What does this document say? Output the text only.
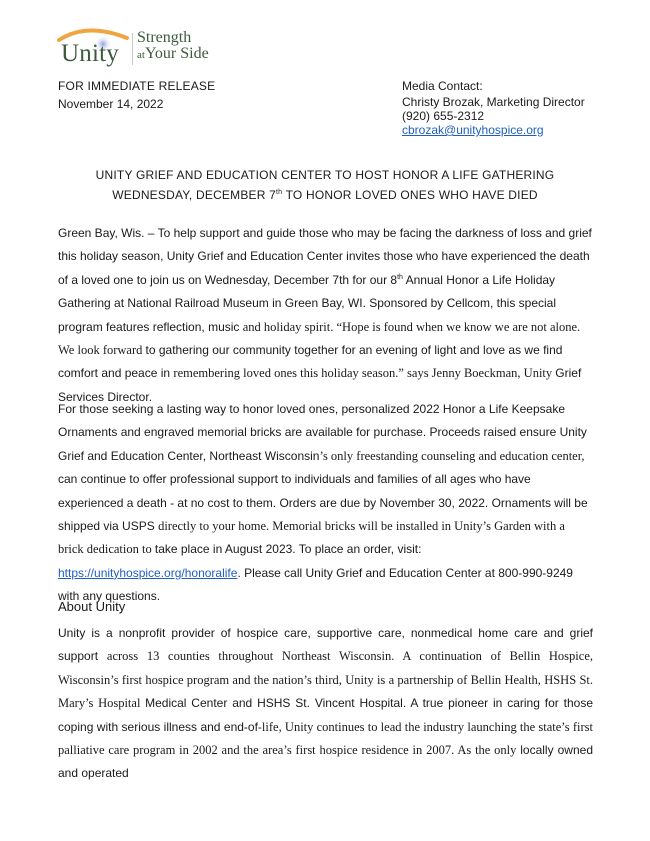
Unity
Strength
atYour Side
FOR IMMEDIATE RELEASE
November 14, 2022
Media Contact:
Christy Brozak, Marketing Director
(920) 655-2312
cbrozak@unityhospice.org
UNITY GRIEF AND EDUCATION CENTER TO HOST HONOR A LIFE GATHERING
WEDNESDAY, DECEMBER 7th TO HONOR LOVED ONES WHO HAVE DIED
Green Bay, Wis. – To help support and guide those who may be facing the darkness of loss and grief this holiday season, Unity Grief and Education Center invites those who have experienced the death of a loved one to join us on Wednesday, December 7th for our 8th Annual Honor a Life Holiday Gathering at National Railroad Museum in Green Bay, WI. Sponsored by Cellcom, this special program features reflection, music and holiday spirit. “Hope is found when we know we are not alone. We look forward to gathering our community together for an evening of light and love as we find comfort and peace in remembering loved ones this holiday season.” says Jenny Boeckman, Unity Grief Services Director.
For those seeking a lasting way to honor loved ones, personalized 2022 Honor a Life Keepsake Ornaments and engraved memorial bricks are available for purchase. Proceeds raised ensure Unity Grief and Education Center, Northeast Wisconsin’s only freestanding counseling and education center, can continue to offer professional support to individuals and families of all ages who have experienced a death - at no cost to them. Orders are due by November 30, 2022. Ornaments will be shipped via USPS directly to your home. Memorial bricks will be installed in Unity’s Garden with a brick dedication to take place in August 2023. To place an order, visit: https://unityhospice.org/honoralife. Please call Unity Grief and Education Center at 800-990-9249 with any questions.
About Unity
Unity is a nonprofit provider of hospice care, supportive care, nonmedical home care and grief support across 13 counties throughout Northeast Wisconsin. A continuation of Bellin Hospice, Wisconsin’s first hospice program and the nation’s third, Unity is a partnership of Bellin Health, HSHS St. Mary’s Hospital Medical Center and HSHS St. Vincent Hospital. A true pioneer in caring for those coping with serious illness and end-of-life, Unity continues to lead the industry launching the state’s first palliative care program in 2002 and the area’s first hospice residence in 2007. As the only locally owned and operated
